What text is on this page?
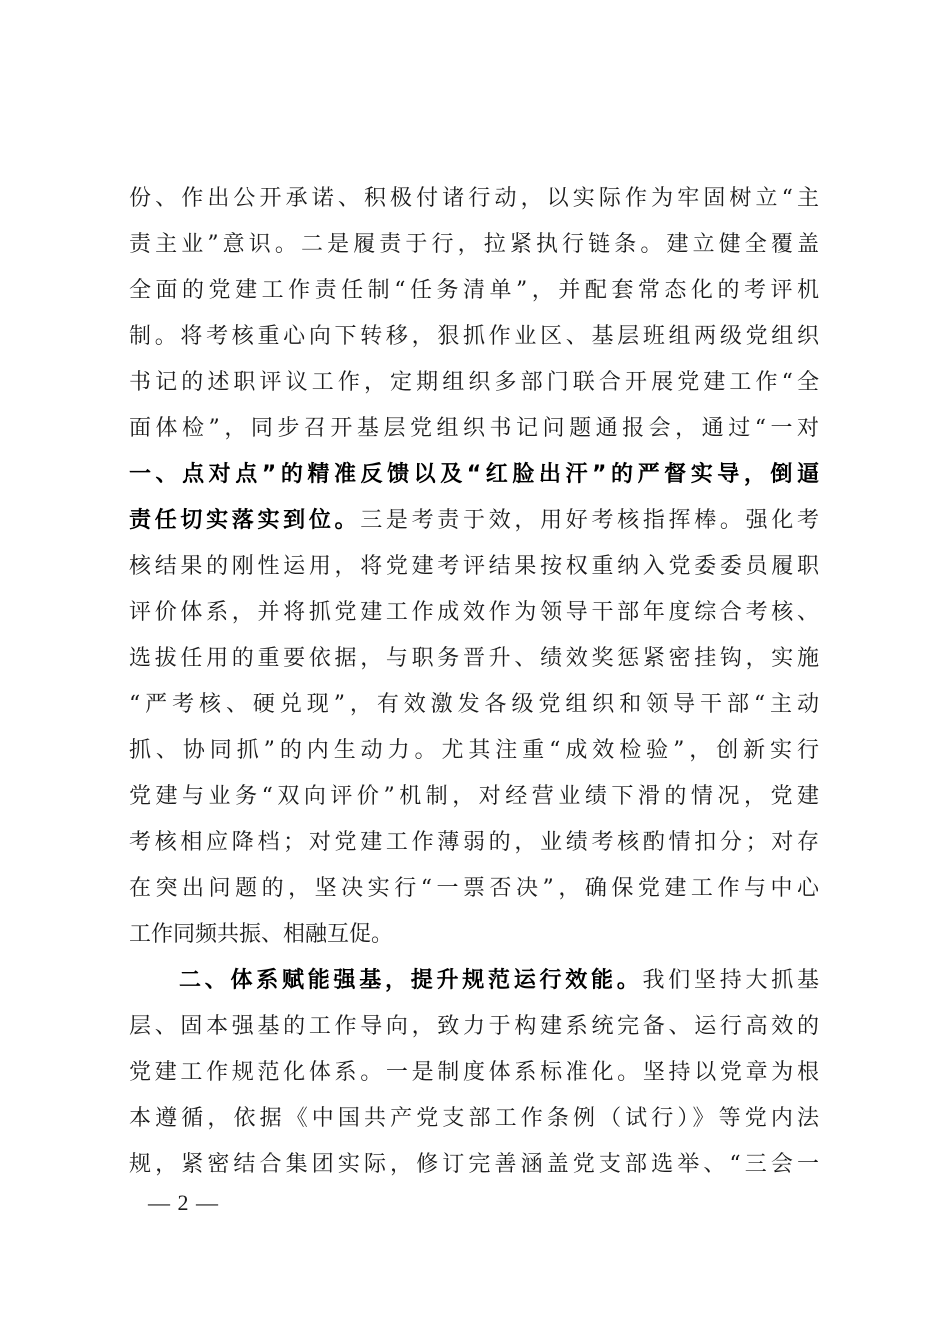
份、作出公开承诺、积极付诸行动，以实际作为牢固树立“主
责主业”意识。二是履责于行，拉紧执行链条。建立健全覆盖
全面的党建工作责任制“任务清单”，并配套常态化的考评机
制。将考核重心向下转移，狠抓作业区、基层班组两级党组织
书记的述职评议工作，定期组织多部门联合开展党建工作“全
面体检”，同步召开基层党组织书记问题通报会，通过“一对
一、点对点”的精准反馈以及“红脸出汗”的严督实导，倒逼
责任切实落实到位。三是考责于效，用好考核指挥棒。强化考
核结果的刚性运用，将党建考评结果按权重纳入党委委员履职
评价体系，并将抓党建工作成效作为领导干部年度综合考核、
选拔任用的重要依据，与职务晋升、绩效奖惩紧密挂钩，实施
“严考核、硬兑现”，有效激发各级党组织和领导干部“主动
抓、协同抓”的内生动力。尤其注重“成效检验”，创新实行
党建与业务“双向评价”机制，对经营业绩下滑的情况，党建
考核相应降档；对党建工作薄弱的，业绩考核酌情扣分；对存
在突出问题的，坚决实行“一票否决”，确保党建工作与中心
工作同频共振、相融互促。
二、体系赋能强基，提升规范运行效能。我们坚持大抓基
层、固本强基的工作导向，致力于构建系统完备、运行高效的
党建工作规范化体系。一是制度体系标准化。坚持以党章为根
本遵循，依据《中国共产党支部工作条例（试行）》等党内法
规，紧密结合集团实际，修订完善涵盖党支部选举、“三会一
— 2 —
